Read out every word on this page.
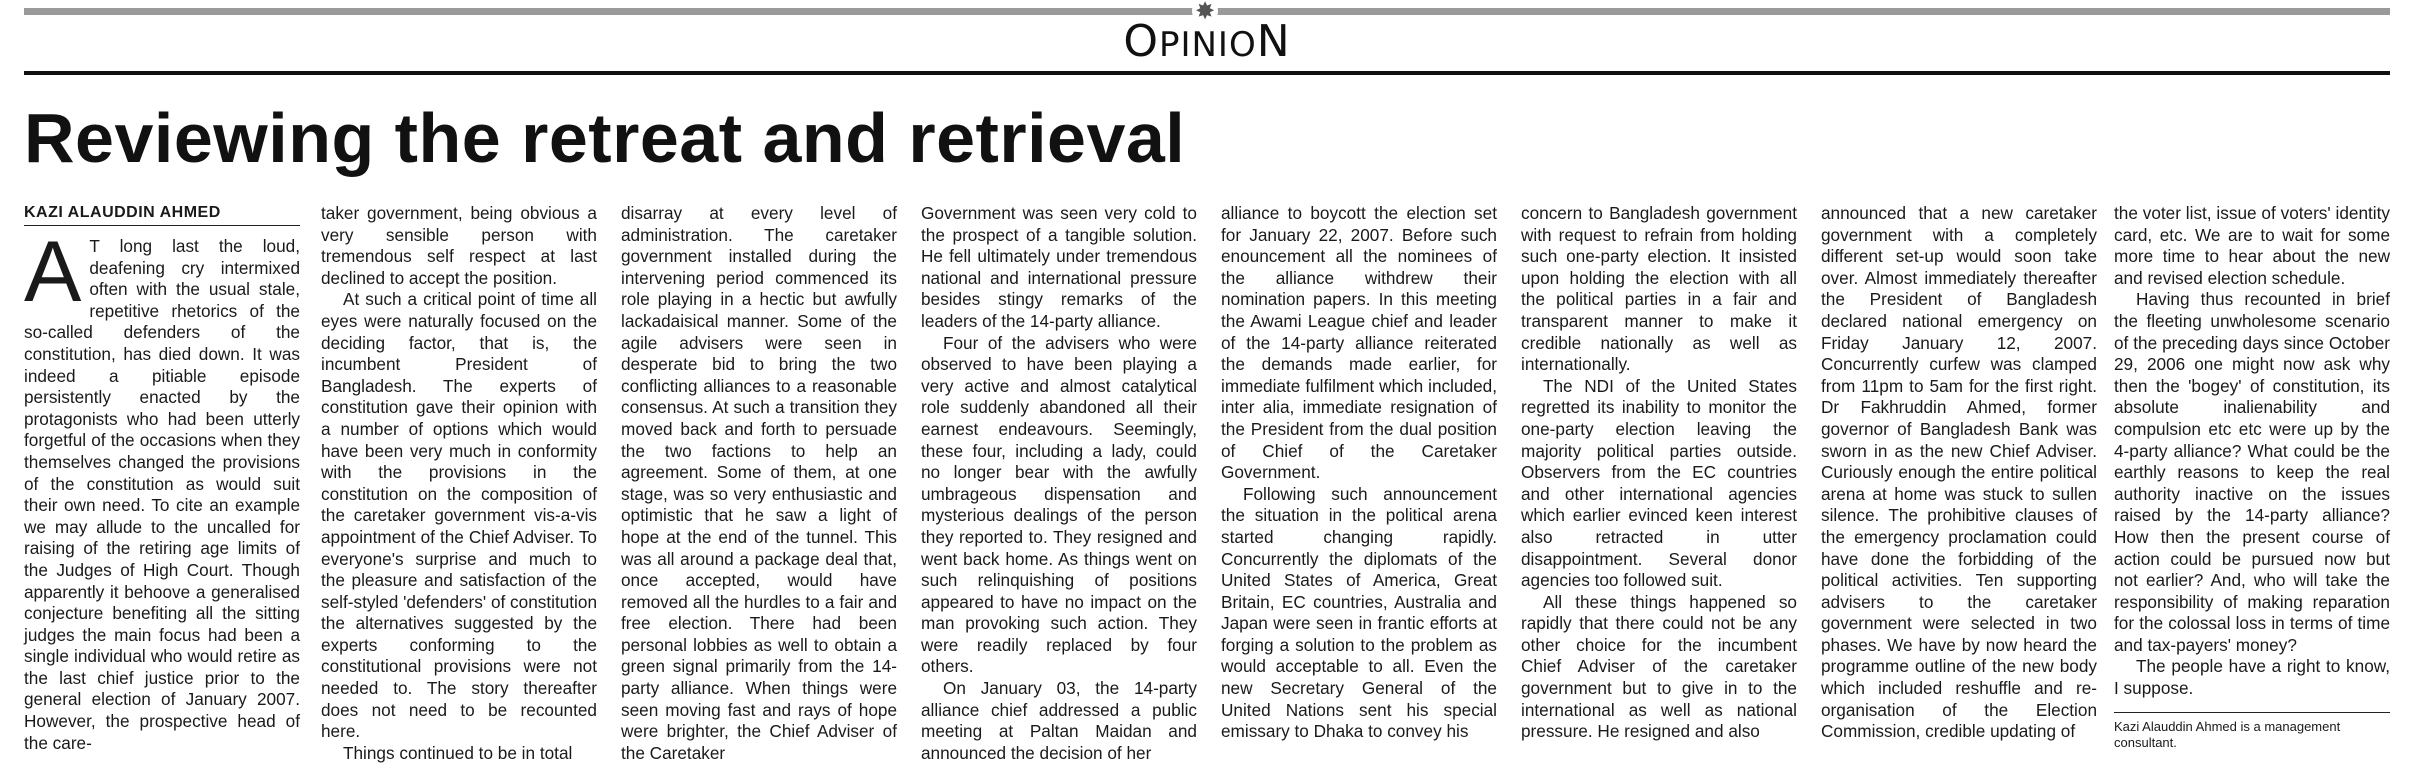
✸
OPINION
Reviewing the retreat and retrieval
KAZI ALAUDDIN AHMED
A T long last the loud, deafening cry intermixed often with the usual stale, repetitive rhetorics of the so-called defenders of the constitution, has died down. It was indeed a pitiable episode persistently enacted by the protagonists who had been utterly forgetful of the occasions when they themselves changed the provisions of the constitution as would suit their own need. To cite an example we may allude to the uncalled for raising of the retiring age limits of the Judges of High Court. Though apparently it behoove a generalised conjecture benefiting all the sitting judges the main focus had been a single individual who would retire as the last chief justice prior to the general election of January 2007. However, the prospective head of the care-

taker government, being obvious a very sensible person with tremendous self respect at last declined to accept the position.

At such a critical point of time all eyes were naturally focused on the deciding factor, that is, the incumbent President of Bangladesh. The experts of constitution gave their opinion with a number of options which would have been very much in conformity with the provisions in the constitution on the composition of the caretaker government vis-a-vis appointment of the Chief Adviser. To everyone's surprise and much to the pleasure and satisfaction of the self-styled 'defenders' of constitution the alternatives suggested by the experts conforming to the constitutional provisions were not needed to. The story thereafter does not need to be recounted here.

Things continued to be in total

disarray at every level of administration. The caretaker government installed during the intervening period commenced its role playing in a hectic but awfully lackadaisical manner. Some of the agile advisers were seen in desperate bid to bring the two conflicting alliances to a reasonable consensus. At such a transition they moved back and forth to persuade the two factions to help an agreement. Some of them, at one stage, was so very enthusiastic and optimistic that he saw a light of hope at the end of the tunnel. This was all around a package deal that, once accepted, would have removed all the hurdles to a fair and free election. There had been personal lobbies as well to obtain a green signal primarily from the 14-party alliance. When things were seen moving fast and rays of hope were brighter, the Chief Adviser of the Caretaker

Government was seen very cold to the prospect of a tangible solution. He fell ultimately under tremendous national and international pressure besides stingy remarks of the leaders of the 14-party alliance.

Four of the advisers who were observed to have been playing a very active and almost catalytical role suddenly abandoned all their earnest endeavours. Seemingly, these four, including a lady, could no longer bear with the awfully umbrageous dispensation and mysterious dealings of the person they reported to. They resigned and went back home. As things went on such relinquishing of positions appeared to have no impact on the man provoking such action. They were readily replaced by four others.

On January 03, the 14-party alliance chief addressed a public meeting at Paltan Maidan and announced the decision of her

alliance to boycott the election set for January 22, 2007. Before such enouncement all the nominees of the alliance withdrew their nomination papers. In this meeting the Awami League chief and leader of the 14-party alliance reiterated the demands made earlier, for immediate fulfilment which included, inter alia, immediate resignation of the President from the dual position of Chief of the Caretaker Government.

Following such announcement the situation in the political arena started changing rapidly. Concurrently the diplomats of the United States of America, Great Britain, EC countries, Australia and Japan were seen in frantic efforts at forging a solution to the problem as would acceptable to all. Even the new Secretary General of the United Nations sent his special emissary to Dhaka to convey his

concern to Bangladesh government with request to refrain from holding such one-party election. It insisted upon holding the election with all the political parties in a fair and transparent manner to make it credible nationally as well as internationally.

The NDI of the United States regretted its inability to monitor the one-party election leaving the majority political parties outside. Observers from the EC countries and other international agencies which earlier evinced keen interest also retracted in utter disappointment. Several donor agencies too followed suit.

All these things happened so rapidly that there could not be any other choice for the incumbent Chief Adviser of the caretaker government but to give in to the international as well as national pressure. He resigned and also

announced that a new caretaker government with a completely different set-up would soon take over. Almost immediately thereafter the President of Bangladesh declared national emergency on Friday January 12, 2007. Concurrently curfew was clamped from 11pm to 5am for the first right. Dr Fakhruddin Ahmed, former governor of Bangladesh Bank was sworn in as the new Chief Adviser. Curiously enough the entire political arena at home was stuck to sullen silence. The prohibitive clauses of the emergency proclamation could have done the forbidding of the political activities. Ten supporting advisers to the caretaker government were selected in two phases. We have by now heard the programme outline of the new body which included reshuffle and re-organisation of the Election Commission, credible updating of

the voter list, issue of voters' identity card, etc. We are to wait for some more time to hear about the new and revised election schedule.

Having thus recounted in brief the fleeting unwholesome scenario of the preceding days since October 29, 2006 one might now ask why then the 'bogey' of constitution, its absolute inalienability and compulsion etc etc were up by the 4-party alliance? What could be the earthly reasons to keep the real authority inactive on the issues raised by the 14-party alliance? How then the present course of action could be pursued now but not earlier? And, who will take the responsibility of making reparation for the colossal loss in terms of time and tax-payers' money?

The people have a right to know, I suppose.

Kazi Alauddin Ahmed is a management consultant.
